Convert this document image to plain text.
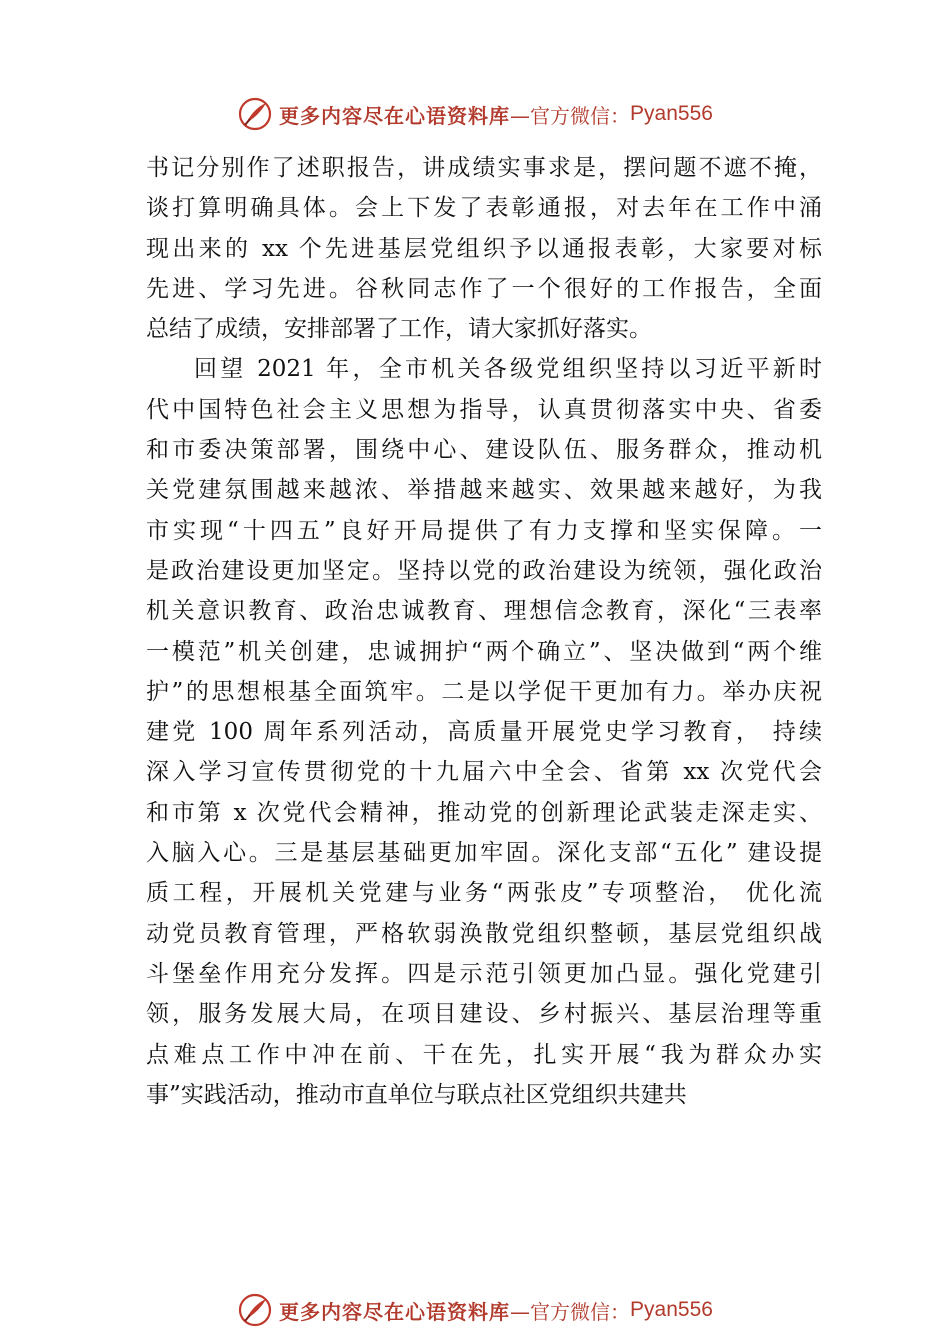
更多内容尽在心语资料库 —官方微信： Pyan556
书记分别作了述职报告，讲成绩实事求是，摆问题不遮不掩，
谈打算明确具体。会上下发了表彰通报，对去年在工作中涌
现出来的 xx 个先进基层党组织予以通报表彰，大家要对标
先进、学习先进。谷秋同志作了一个很好的工作报告，全面
总结了成绩，安排部署了工作，请大家抓好落实。
回望 2021 年，全市机关各级党组织坚持以习近平新时
代中国特色社会主义思想为指导，认真贯彻落实中央、省委
和市委决策部署，围绕中心、建设队伍、服务群众，推动机
关党建氛围越来越浓、举措越来越实、效果越来越好，为我
市实现“十四五”良好开局提供了有力支撑和坚实保障。一
是政治建设更加坚定。坚持以党的政治建设为统领，强化政治
机关意识教育、政治忠诚教育、理想信念教育，深化“三表率
一模范”机关创建，忠诚拥护“两个确立”、坚决做到“两个维
护”的思想根基全面筑牢。二是以学促干更加有力。举办庆祝
建党 100 周年系列活动，高质量开展党史学习教育， 持续
深入学习宣传贯彻党的十九届六中全会、省第 xx 次党代会
和市第 x 次党代会精神，推动党的创新理论武装走深走实、
入脑入心。三是基层基础更加牢固。深化支部“五化” 建设提
质工程，开展机关党建与业务“两张皮”专项整治， 优化流
动党员教育管理，严格软弱涣散党组织整顿，基层党组织战
斗堡垒作用充分发挥。四是示范引领更加凸显。强化党建引
领，服务发展大局，在项目建设、乡村振兴、基层治理等重
点难点工作中冲在前、干在先，扎实开展“我为群众办实
事”实践活动，推动市直单位与联点社区党组织共建共
更多内容尽在心语资料库 —官方微信： Pyan556
